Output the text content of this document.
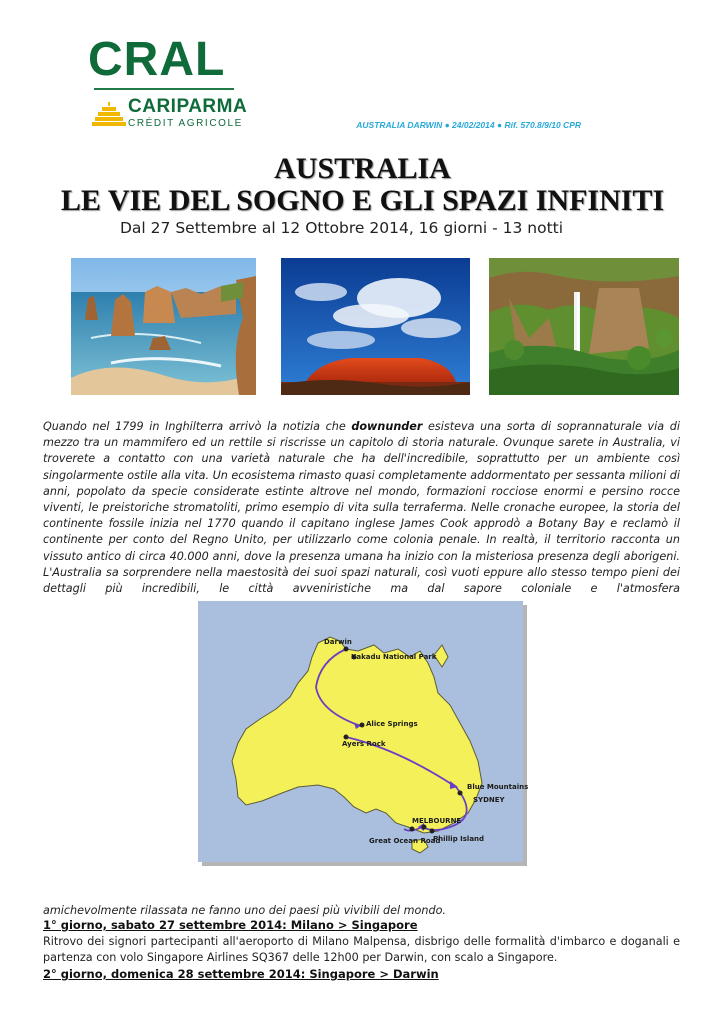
CRAL
CARIPARMA
CRÉDIT AGRICOLE	AUSTRALIA DARWIN ● 24/02/2014 ● Rif. 570.8/9/10 CPR
AUSTRALIA
LE VIE DEL SOGNO E GLI SPAZI INFINITI
Dal 27 Settembre al 12 Ottobre 2014, 16 giorni - 13 notti
Quando nel 1799 in Inghilterra arrivò la notizia che downunder esisteva una sorta di soprannaturale via di mezzo tra un mammifero ed un rettile si riscrisse un capitolo di storia naturale. Ovunque sarete in Australia, vi troverete a contatto con una varietà naturale che ha dell'incredibile, soprattutto per un ambiente così singolarmente ostile alla vita. Un ecosistema rimasto quasi completamente addormentato per sessanta milioni di anni, popolato da specie considerate estinte altrove nel mondo, formazioni rocciose enormi e persino rocce viventi, le preistoriche stromatoliti, primo esempio di vita sulla terraferma. Nelle cronache europee, la storia del continente fossile inizia nel 1770 quando il capitano inglese James Cook approdò a Botany Bay e reclamò il continente per conto del Regno Unito, per utilizzarlo come colonia penale. In realtà, il territorio racconta un vissuto antico di circa 40.000 anni, dove la presenza umana ha inizio con la misteriosa presenza degli aborigeni. L'Australia sa sorprendere nella maestosità dei suoi spazi naturali, così vuoti eppure allo stesso tempo pieni dei dettagli più incredibili, le città avveniristiche ma dal sapore coloniale e l'atmosfera
Darwin
Kakadu National Park
Alice Springs
Ayers Rock
Blue Mountains
SYDNEY
MELBOURNE
Great Ocean Road
Phillip Island
amichevolmente rilassata ne fanno uno dei paesi più vivibili del mondo.
1° giorno, sabato 27 settembre 2014: Milano > Singapore
Ritrovo dei signori partecipanti all'aeroporto di Milano Malpensa, disbrigo delle formalità d'imbarco e doganali e partenza con volo Singapore Airlines SQ367 delle 12h00 per Darwin, con scalo a Singapore.
2° giorno, domenica 28 settembre 2014: Singapore > Darwin
